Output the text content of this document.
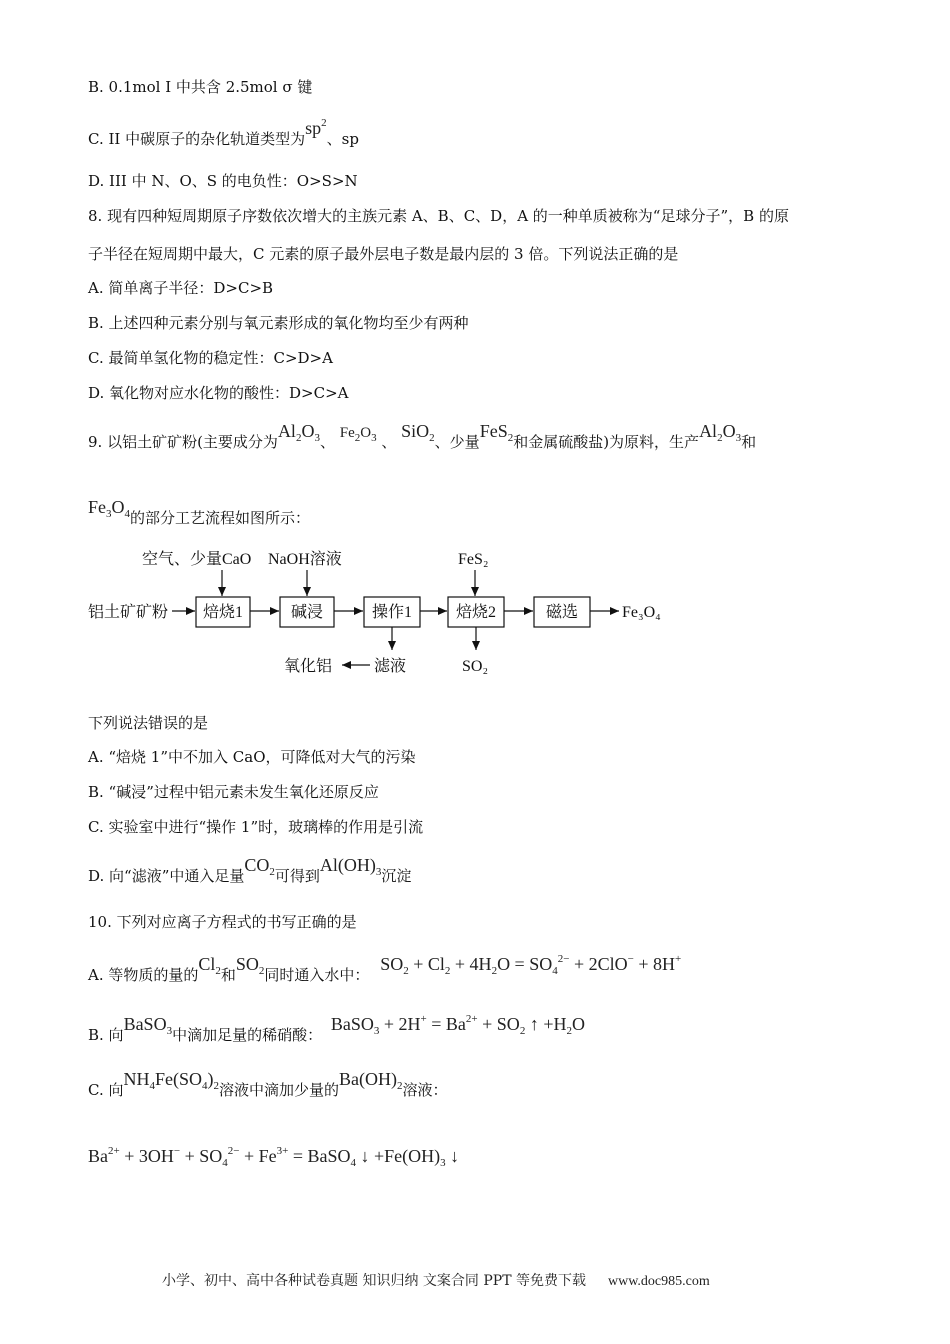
B. 0.1mol I 中共含 2.5mol σ 键
C. II 中碳原子的杂化轨道类型为$sp^2$、sp
D. III 中 N、O、S 的电负性：O>S>N
8. 现有四种短周期原子序数依次增大的主族元素 A、B、C、D，A 的一种单质被称为“足球分子”，B 的原
子半径在短周期中最大，C 元素的原子最外层电子数是最内层的 3 倍。下列说法正确的是
A. 简单离子半径：D>C>B
B. 上述四种元素分别与氧元素形成的氧化物均至少有两种
C. 最简单氢化物的稳定性：C>D>A
D. 氧化物对应水化物的酸性：D>C>A
9. 以铝土矿矿粉(主要成分为$Al_2O_3$、 $Fe_2O_3$ 、 SiO$_2$、少量FeS$_2$和金属硫酸盐)为原料，生产$Al_2O_3$和
$Fe_3O_4$的部分工艺流程如图所示：
空气、少量CaO NaOH溶液	FeS₂
铝土矿矿粉 焙烧1	碱浸	操作1	焙烧2	磁选	Fe₃O₄
滤液
氧化铝	SO₂
下列说法错误的是
A. “焙烧 1”中不加入 CaO，可降低对大气的污染
B. “碱浸”过程中铝元素未发生氧化还原反应
C. 实验室中进行“操作 1”时，玻璃棒的作用是引流
D. 向“滤液”中通入足量$CO_2$可得到$Al(OH)_3$沉淀
10. 下列对应离子方程式的书写正确的是
A. 等物质的量的$Cl_2$和$SO_2$同时通入水中： $SO_2 + Cl_2 + 4H_2O = SO_4^{2-} + 2ClO^- + 8H^+$
B. 向BaSO$_3$中滴加足量的稀硝酸： BaSO$_3$ + $2H^+ = Ba^{2+} + SO_2$ ↑ $+H_2O$
C. 向$NH_4Fe(SO_4)_2$溶液中滴加少量的$Ba(OH)_2$溶液：
$Ba^{2+} + 3OH^- + SO_4^{2-} + Fe^{3+}$ = BaSO$_4$ ↓ $+Fe(OH)_3$ ↓
小学、初中、高中各种试卷真题 知识归纳 文案合同 PPT 等免费下载 www.doc985.com
